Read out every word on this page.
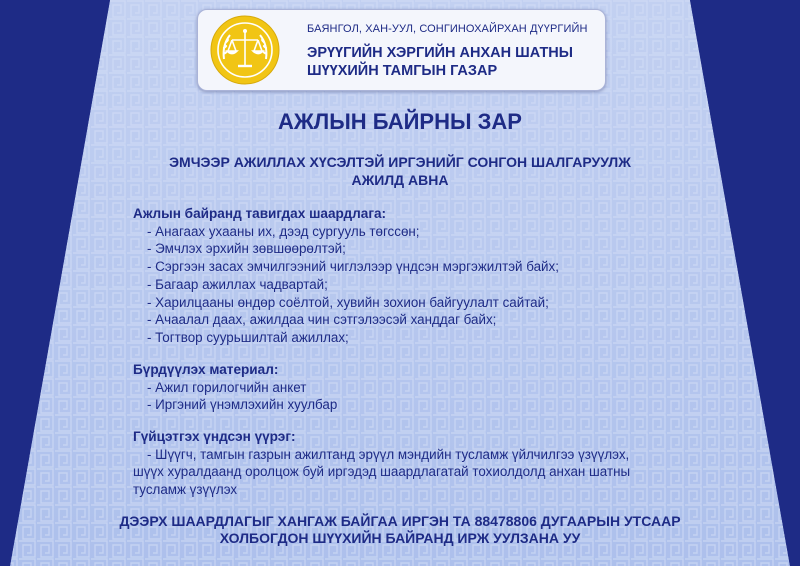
БАЯНГОЛ, ХАН-УУЛ, СОНГИНОХАЙРХАН ДҮҮРГИЙН
ЭРҮҮГИЙН ХЭРГИЙН АНХАН ШАТНЫ
ШҮҮХИЙН ТАМГЫН ГАЗАР
АЖЛЫН БАЙРНЫ ЗАР
ЭМЧЭЭР АЖИЛЛАХ ХҮСЭЛТЭЙ ИРГЭНИЙГ СОНГОН ШАЛГАРУУЛЖ
АЖИЛД АВНА
Ажлын байранд тавигдах шаардлага:
- Анагаах ухааны их, дээд сургууль төгссөн;
- Эмчлэх эрхийн зөвшөөрөлтэй;
- Сэргээн засах эмчилгээний чиглэлээр үндсэн мэргэжилтэй байх;
- Багаар ажиллах чадвартай;
- Харилцааны өндөр соёлтой, хувийн зохион байгуулалт сайтай;
- Ачаалал даах, ажилдаа чин сэтгэлээсэй ханддаг байх;
- Тогтвор суурьшилтай ажиллах;
Бүрдүүлэх материал:
- Ажил горилогчийн анкет
- Иргэний үнэмлэхийн хуулбар
Гүйцэтгэх үндсэн үүрэг:
- Шүүгч, тамгын газрын ажилтанд эрүүл мэндийн тусламж үйлчилгээ үзүүлэх,
шүүх хуралдаанд оролцож буй иргэдэд шаардлагатай тохиолдолд анхан шатны
тусламж үзүүлэх
ДЭЭРХ ШААРДЛАГЫГ ХАНГАЖ БАЙГАА ИРГЭН ТА 88478806 ДУГААРЫН УТСААР
ХОЛБОГДОН ШҮҮХИЙН БАЙРАНД ИРЖ УУЛЗАНА УУ
